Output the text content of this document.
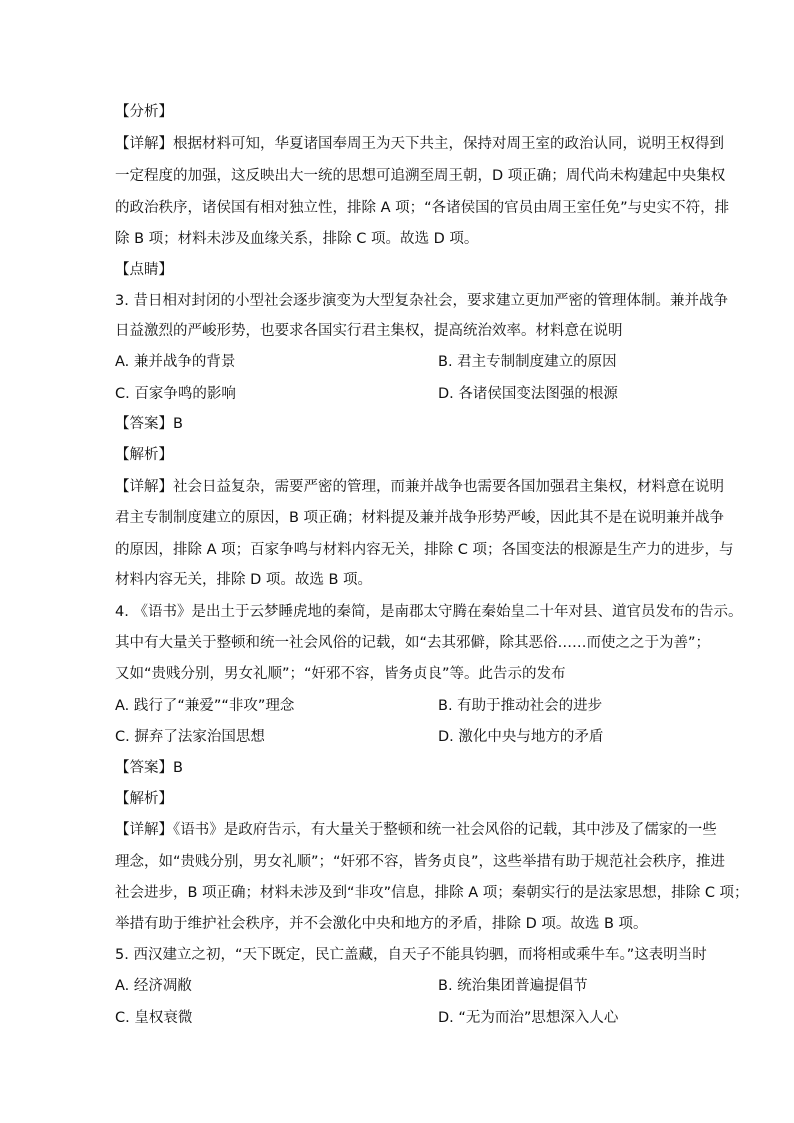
【分析】
【详解】根据材料可知，华夏诸国奉周王为天下共主，保持对周王室的政治认同，说明王权得到
一定程度的加强，这反映出大一统的思想可追溯至周王朝，D 项正确；周代尚未构建起中央集权
的政治秩序，诸侯国有相对独立性，排除 A 项；“各诸侯国的官员由周王室任免”与史实不符，排
除 B 项；材料未涉及血缘关系，排除 C 项。故选 D 项。
【点睛】
3. 昔日相对封闭的小型社会逐步演变为大型复杂社会，要求建立更加严密的管理体制。兼并战争
日益激烈的严峻形势，也要求各国实行君主集权，提高统治效率。材料意在说明
A. 兼并战争的背景	B. 君主专制制度建立的原因
C. 百家争鸣的影响	D. 各诸侯国变法图强的根源
【答案】B
【解析】
【详解】社会日益复杂，需要严密的管理，而兼并战争也需要各国加强君主集权，材料意在说明
君主专制制度建立的原因，B 项正确；材料提及兼并战争形势严峻，因此其不是在说明兼并战争
的原因，排除 A 项；百家争鸣与材料内容无关，排除 C 项；各国变法的根源是生产力的进步，与
材料内容无关，排除 D 项。故选 B 项。
4. 《语书》是出土于云梦睡虎地的秦简，是南郡太守腾在秦始皇二十年对县、道官员发布的告示。
其中有大量关于整顿和统一社会风俗的记载，如“去其邪僻，除其恶俗……而使之之于为善”；
又如“贵贱分别，男女礼顺”；“奸邪不容，皆务贞良”等。此告示的发布
A. 践行了“兼爱”“非攻”理念	B. 有助于推动社会的进步
C. 摒弃了法家治国思想	D. 激化中央与地方的矛盾
【答案】B
【解析】
【详解】《语书》是政府告示，有大量关于整顿和统一社会风俗的记载，其中涉及了儒家的一些
理念，如“贵贱分别，男女礼顺”；“奸邪不容，皆务贞良”，这些举措有助于规范社会秩序，推进
社会进步，B 项正确；材料未涉及到“非攻”信息，排除 A 项；秦朝实行的是法家思想，排除 C 项；
举措有助于维护社会秩序，并不会激化中央和地方的矛盾，排除 D 项。故选 B 项。
5. 西汉建立之初，“天下既定，民亡盖藏，自天子不能具钧驷，而将相或乘牛车。”这表明当时
A. 经济凋敝	B. 统治集团普遍提倡节
C. 皇权衰微	D. “无为而治”思想深入人心
